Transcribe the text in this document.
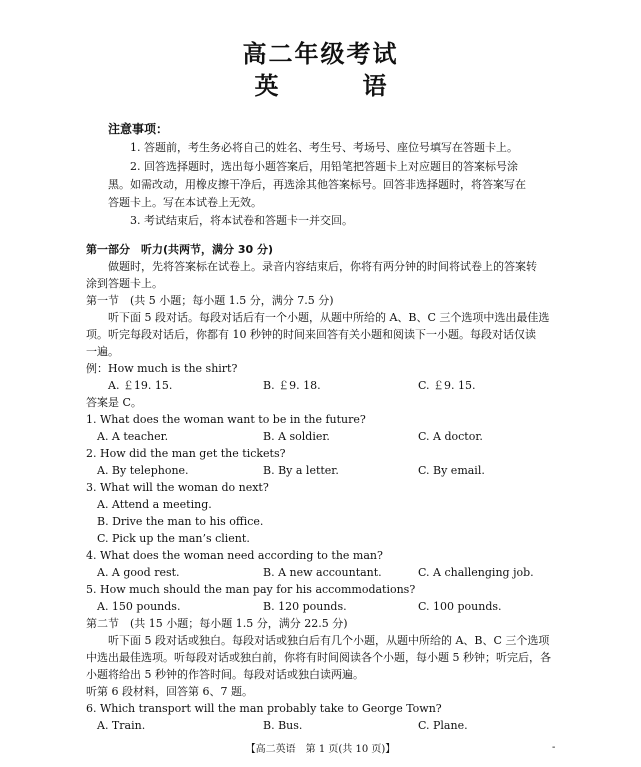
高二年级考试
英　语
注意事项：
1. 答题前，考生务必将自己的姓名、考生号、考场号、座位号填写在答题卡上。
2. 回答选择题时，选出每小题答案后，用铅笔把答题卡上对应题目的答案标号涂
黑。如需改动，用橡皮擦干净后，再选涂其他答案标号。回答非选择题时，将答案写在
答题卡上。写在本试卷上无效。
3. 考试结束后，将本试卷和答题卡一并交回。
第一部分　听力(共两节，满分 30 分)
做题时，先将答案标在试卷上。录音内容结束后，你将有两分钟的时间将试卷上的答案转
涂到答题卡上。
第一节　(共 5 小题；每小题 1.5 分，满分 7.5 分)
听下面 5 段对话。每段对话后有一个小题，从题中所给的 A、B、C 三个选项中选出最佳选
项。听完每段对话后，你都有 10 秒钟的时间来回答有关小题和阅读下一小题。每段对话仅读
一遍。
例：How much is the shirt?
A. ￡19. 15.	B. ￡9. 18.	C. ￡9. 15.
答案是 C。
1. What does the woman want to be in the future?
A. A teacher.	B. A soldier.	C. A doctor.
2. How did the man get the tickets?
A. By telephone.	B. By a letter.	C. By email.
3. What will the woman do next?
A. Attend a meeting.
B. Drive the man to his office.
C. Pick up the man’s client.
4. What does the woman need according to the man?
A. A good rest.	B. A new accountant.	C. A challenging job.
5. How much should the man pay for his accommodations?
A. 150 pounds.	B. 120 pounds.	C. 100 pounds.
第二节　(共 15 小题；每小题 1.5 分，满分 22.5 分)
听下面 5 段对话或独白。每段对话或独白后有几个小题，从题中所给的 A、B、C 三个选项
中选出最佳选项。听每段对话或独白前，你将有时间阅读各个小题，每小题 5 秒钟；听完后，各
小题将给出 5 秒钟的作答时间。每段对话或独白读两遍。
听第 6 段材料，回答第 6、7 题。
6. Which transport will the man probably take to George Town?
A. Train.	B. Bus.	C. Plane.
【高二英语　第 1 页(共 10 页)】	-
